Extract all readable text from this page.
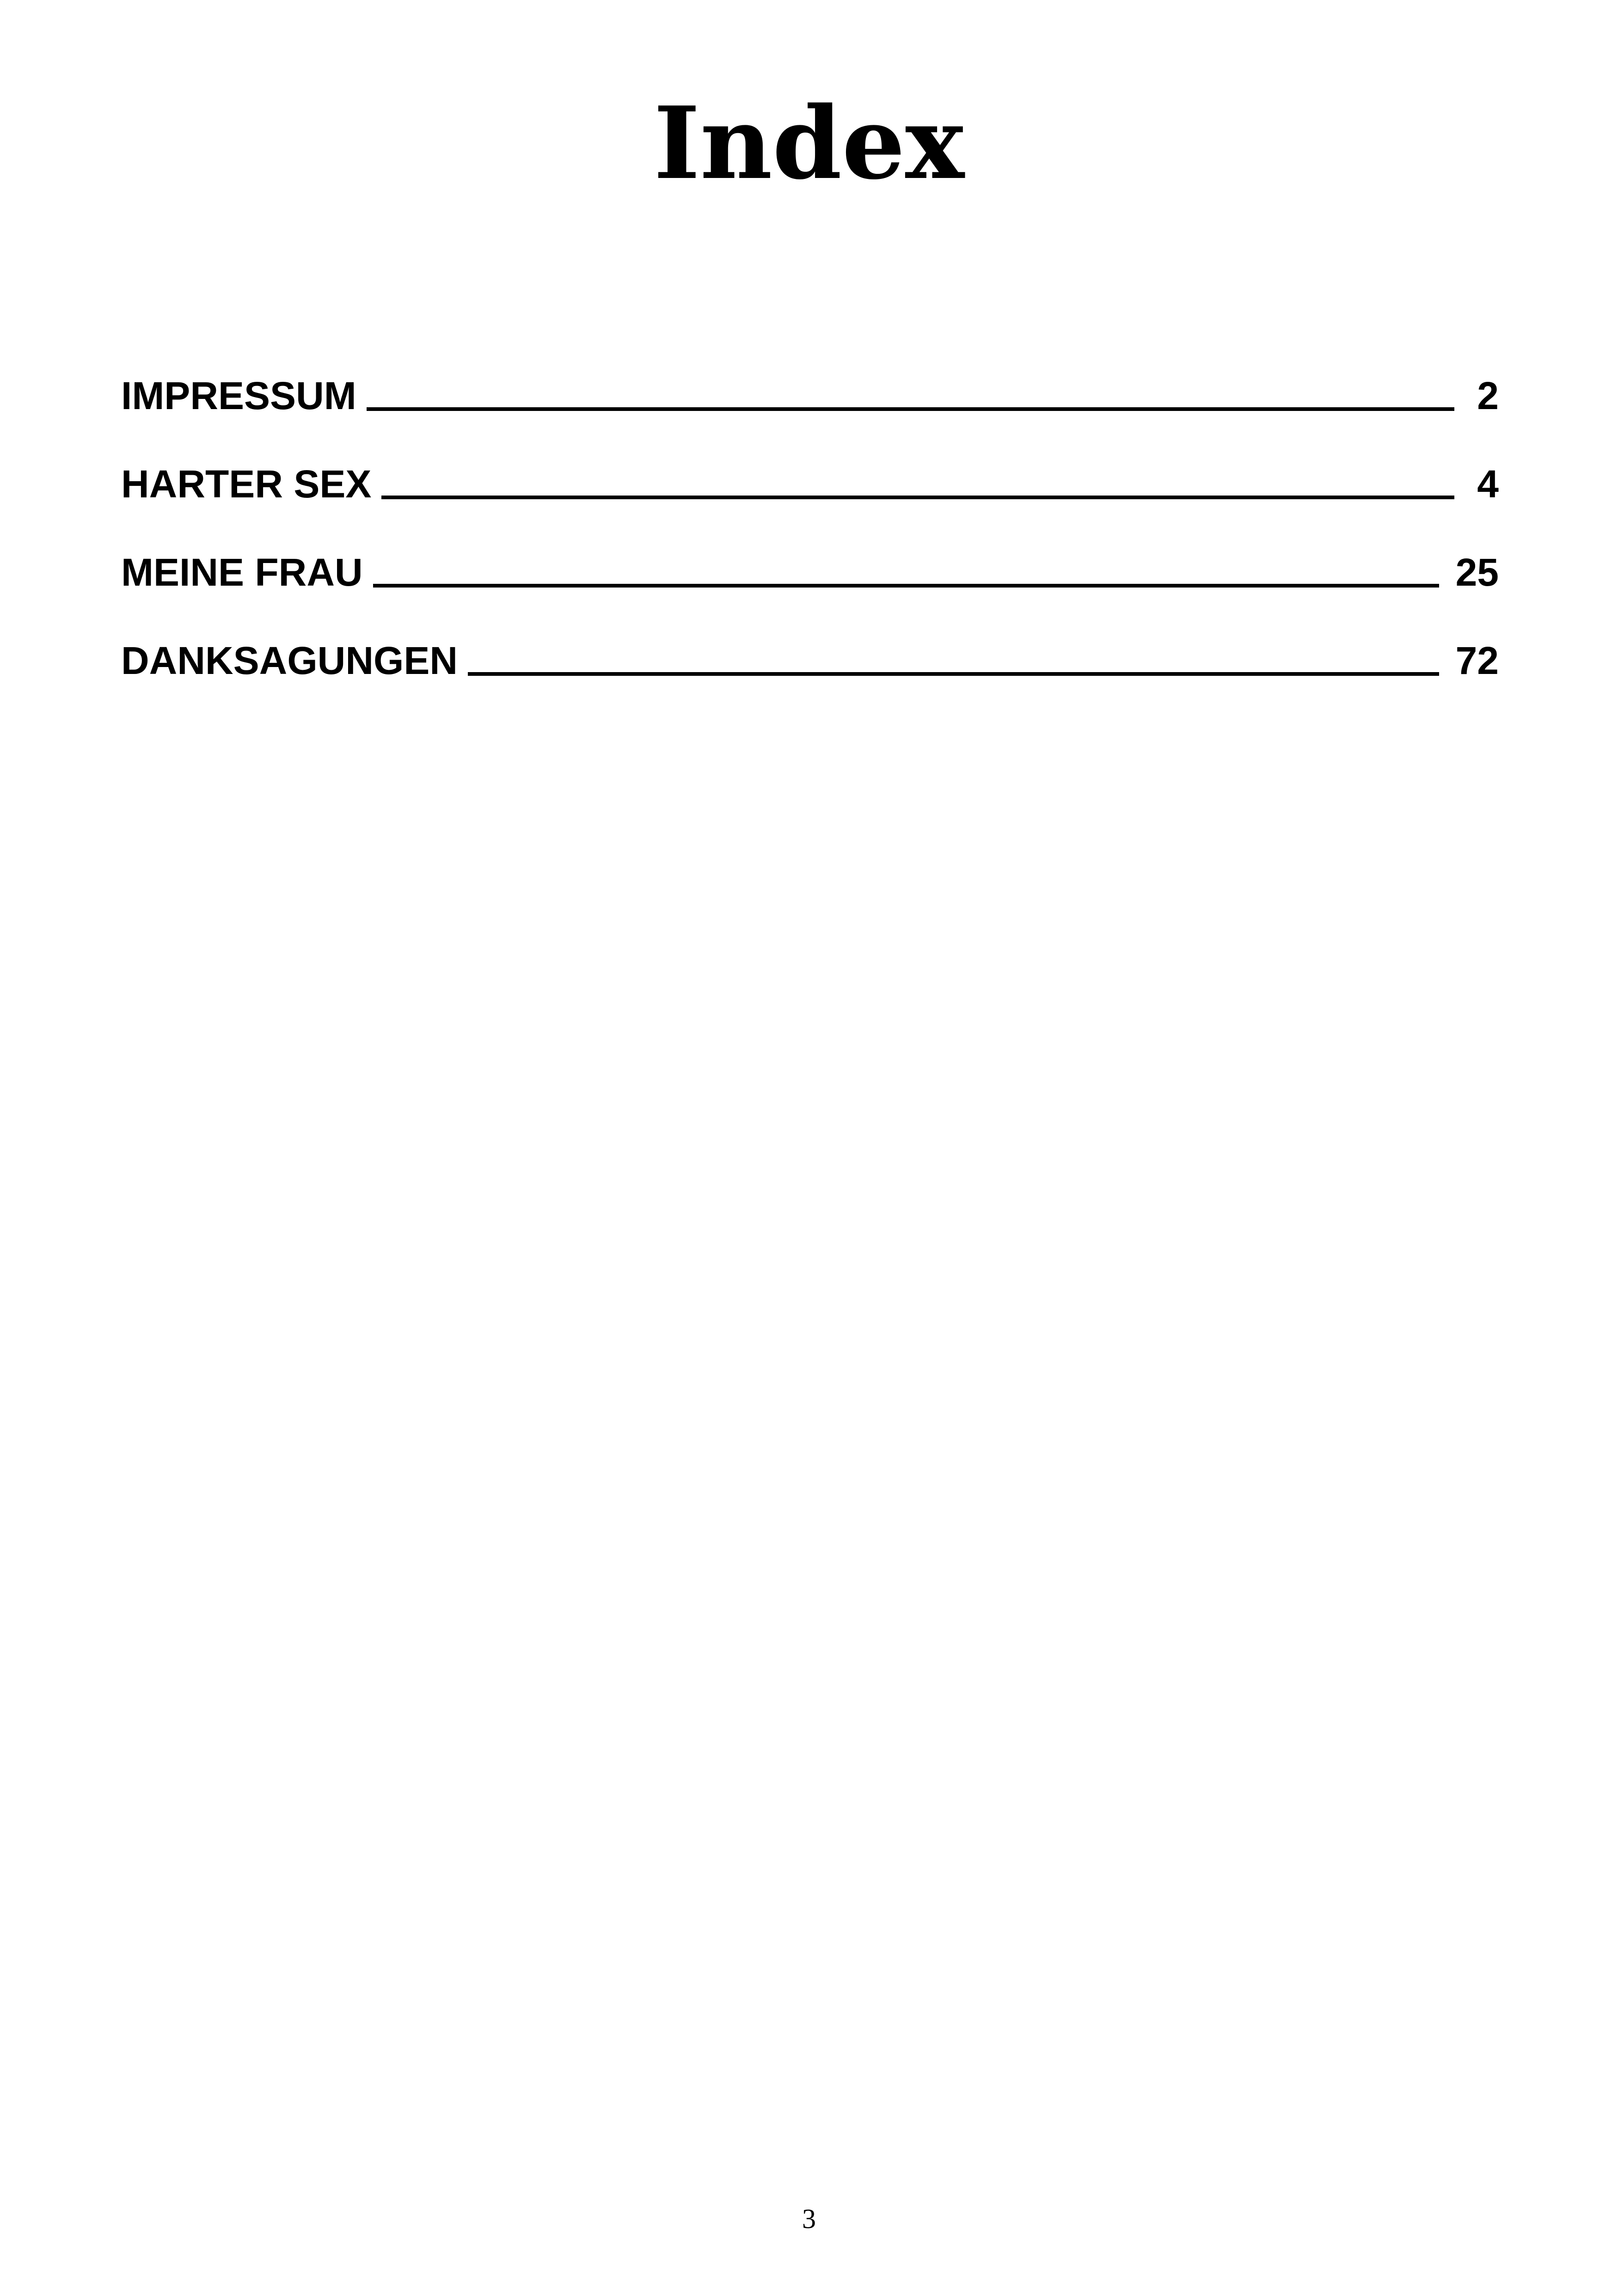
Index
IMPRESSUM	2
HARTER SEX	4
MEINE FRAU	25
DANKSAGUNGEN	72
3
